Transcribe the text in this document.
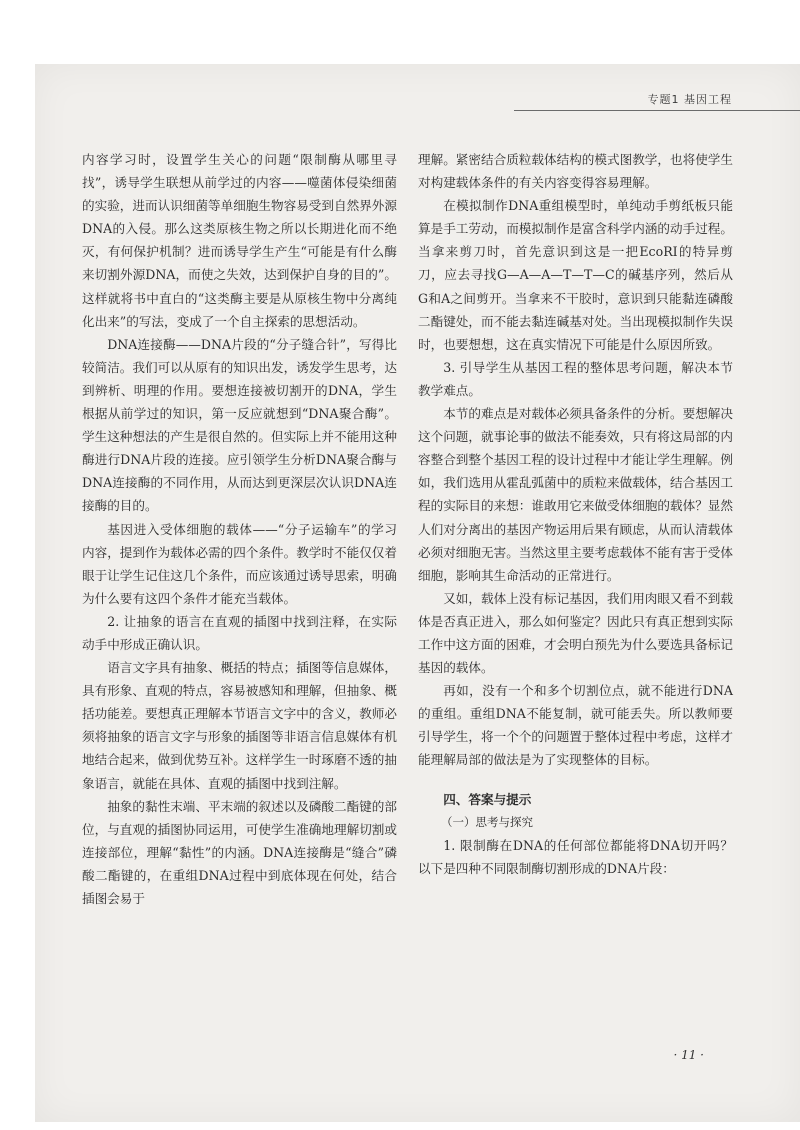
专题1 基因工程

内容学习时，设置学生关心的问题“限制酶从哪里寻找”，诱导学生联想从前学过的内容——噬菌体侵染细菌的实验，进而认识细菌等单细胞生物容易受到自然界外源DNA的入侵。那么这类原核生物之所以长期进化而不绝灭，有何保护机制？进而诱导学生产生“可能是有什么酶来切割外源DNA，而使之失效，达到保护自身的目的”。这样就将书中直白的“这类酶主要是从原核生物中分离纯化出来”的写法，变成了一个自主探索的思想活动。

DNA连接酶——DNA片段的“分子缝合针”，写得比较简洁。我们可以从原有的知识出发，诱发学生思考，达到辨析、明理的作用。要想连接被切割开的DNA，学生根据从前学过的知识，第一反应就想到“DNA聚合酶”。学生这种想法的产生是很自然的。但实际上并不能用这种酶进行DNA片段的连接。应引领学生分析DNA聚合酶与DNA连接酶的不同作用，从而达到更深层次认识DNA连接酶的目的。

基因进入受体细胞的载体——“分子运输车”的学习内容，提到作为载体必需的四个条件。教学时不能仅仅着眼于让学生记住这几个条件，而应该通过诱导思索，明确为什么要有这四个条件才能充当载体。

2. 让抽象的语言在直观的插图中找到注释，在实际动手中形成正确认识。

语言文字具有抽象、概括的特点；插图等信息媒体，具有形象、直观的特点，容易被感知和理解，但抽象、概括功能差。要想真正理解本节语言文字中的含义，教师必须将抽象的语言文字与形象的插图等非语言信息媒体有机地结合起来，做到优势互补。这样学生一时琢磨不透的抽象语言，就能在具体、直观的插图中找到注解。

抽象的黏性末端、平末端的叙述以及磷酸二酯键的部位，与直观的插图协同运用，可使学生准确地理解切割或连接部位，理解“黏性”的内涵。DNA连接酶是“缝合”磷酸二酯键的，在重组DNA过程中到底体现在何处，结合插图会易于

理解。紧密结合质粒载体结构的模式图教学，也将使学生对构建载体条件的有关内容变得容易理解。

在模拟制作DNA重组模型时，单纯动手剪纸板只能算是手工劳动，而模拟制作是富含科学内涵的动手过程。当拿来剪刀时，首先意识到这是一把EcoRI的特异剪刀，应去寻找G—A—A—T—T—C的碱基序列，然后从G和A之间剪开。当拿来不干胶时，意识到只能黏连磷酸二酯键处，而不能去黏连碱基对处。当出现模拟制作失误时，也要想想，这在真实情况下可能是什么原因所致。

3. 引导学生从基因工程的整体思考问题，解决本节教学难点。

本节的难点是对载体必须具备条件的分析。要想解决这个问题，就事论事的做法不能奏效，只有将这局部的内容整合到整个基因工程的设计过程中才能让学生理解。例如，我们选用从霍乱弧菌中的质粒来做载体，结合基因工程的实际目的来想：谁敢用它来做受体细胞的载体？显然人们对分离出的基因产物运用后果有顾虑，从而认清载体必须对细胞无害。当然这里主要考虑载体不能有害于受体细胞，影响其生命活动的正常进行。

又如，载体上没有标记基因，我们用肉眼又看不到载体是否真正进入，那么如何鉴定？因此只有真正想到实际工作中这方面的困难，才会明白预先为什么要选具备标记基因的载体。

再如，没有一个和多个切割位点，就不能进行DNA的重组。重组DNA不能复制，就可能丢失。所以教师要引导学生，将一个个的问题置于整体过程中考虑，这样才能理解局部的做法是为了实现整体的目标。

四、答案与提示

（一）思考与探究

1. 限制酶在DNA的任何部位都能将DNA切开吗？以下是四种不同限制酶切割形成的DNA片段：

· 11 ·
